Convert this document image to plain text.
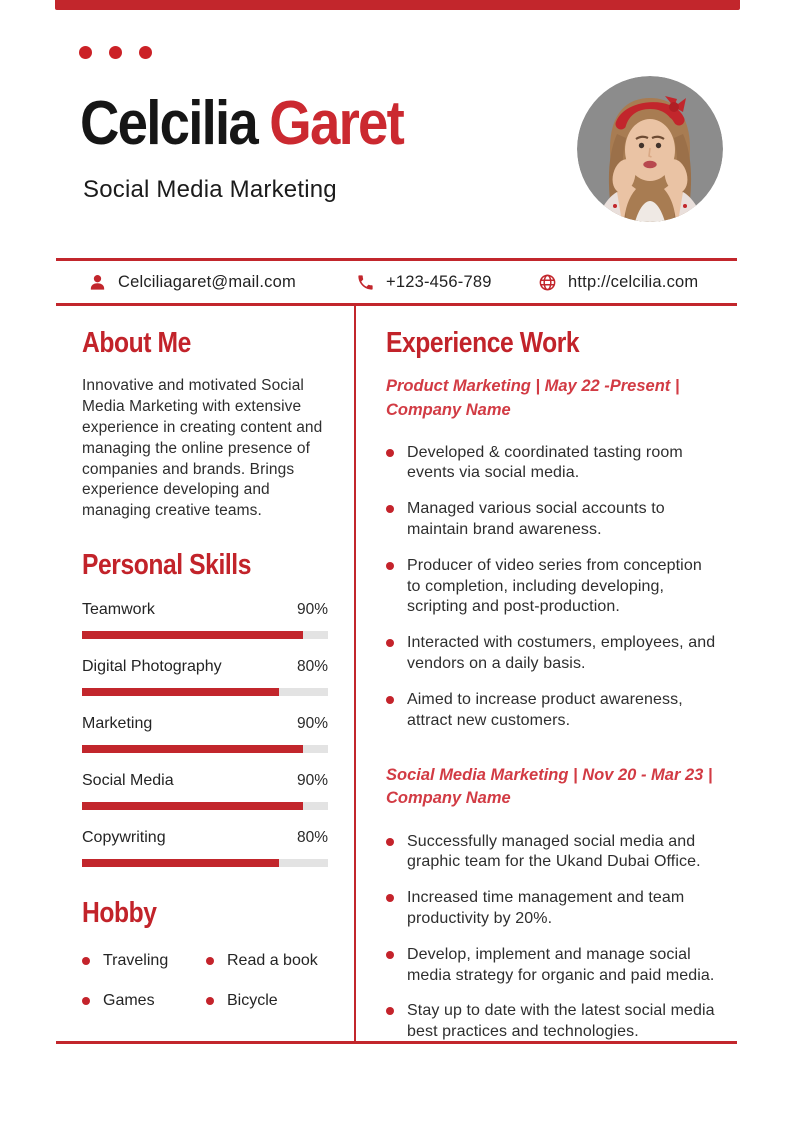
Celcilia Garet
Social Media Marketing
Celciliagaret@mail.com	+123-456-789	http://celcilia.com
About Me

Innovative and motivated Social Media Marketing with extensive experience in creating content and managing the online presence of companies and brands. Brings experience developing and managing creative teams.

Personal Skills
Teamwork	90%
Digital Photography	80%
Marketing	90%
Social Media	90%
Copywriting	80%
Hobby
Traveling	Read a book
Games	Bicycle
Experience Work
Product Marketing | May 22 -Present |
Company Name
Developed & coordinated tasting room events via social media.
Managed various social accounts to maintain brand awareness.
Producer of video series from conception to completion, including developing, scripting and post-production.
Interacted with costumers, employees, and vendors on a daily basis.
Aimed to increase product awareness, attract new customers.
Social Media Marketing | Nov 20 - Mar 23 |
Company Name
Successfully managed social media and graphic team for the Ukand Dubai Office.
Increased time management and team productivity by 20%.
Develop, implement and manage social media strategy for organic and paid media.
Stay up to date with the latest social media best practices and technologies.
